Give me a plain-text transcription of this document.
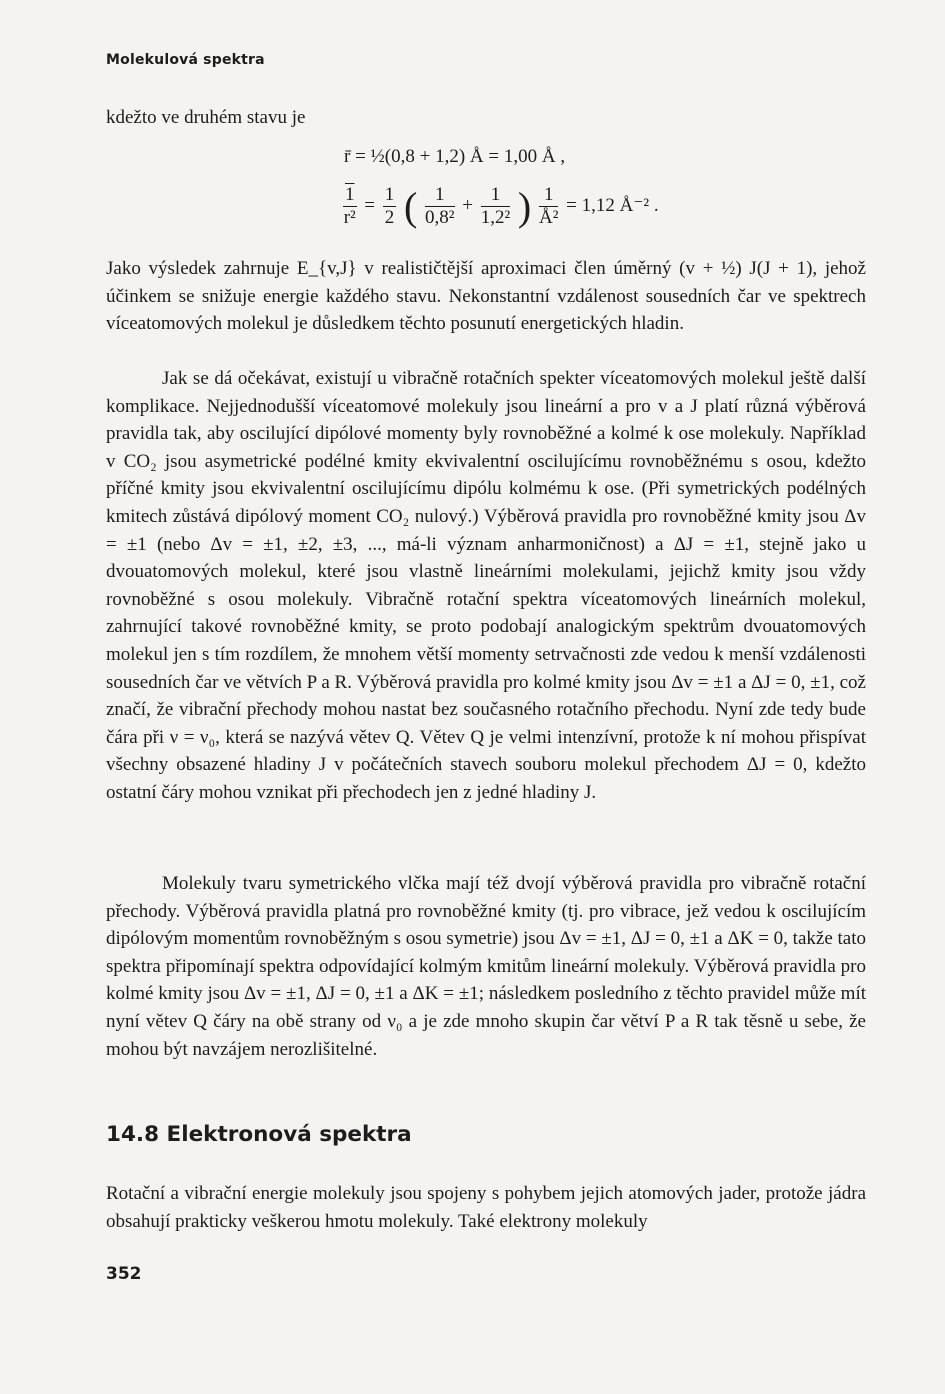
Molekulová spektra

kdežto ve druhém stavu je

r̄ = ½(0,8 + 1,2) Å = 1,00 Å ,
$\frac{1}{\text{r²}} = \frac{1}{2}$ ( $\frac{1}{\text{0,8²}} + \frac{1}{\text{1,2²}}$ ) $\frac{1}{\text{Å²}} = 1,12$ Å⁻² .

Jako výsledek zahrnuje E_{v,J} v realističtější aproximaci člen úměrný (v + ½) J(J + 1), jehož účinkem se snižuje energie každého stavu. Nekonstantní vzdálenost sousedních čar ve spektrech víceatomových molekul je důsledkem těchto posunutí energetických hladin.

Jak se dá očekávat, existují u vibračně rotačních spekter víceatomových molekul ještě další komplikace. Nejjednodušší víceatomové molekuly jsou lineární a pro v a J platí různá výběrová pravidla tak, aby oscilující dipólové momenty byly rovnoběžné a kolmé k ose molekuly. Například v CO₂ jsou asymetrické podélné kmity ekvivalentní oscilujícímu rovnoběžnému s osou, kdežto příčné kmity jsou ekvivalentní oscilujícímu dipólu kolmému k ose. (Při symetrických podélných kmitech zůstává dipólový moment CO₂ nulový.) Výběrová pravidla pro rovnoběžné kmity jsou Δv = ±1 (nebo Δv = ±1, ±2, ±3, ..., má-li význam anharmoničnost) a ΔJ = ±1, stejně jako u dvouatomových molekul, které jsou vlastně lineárními molekulami, jejichž kmity jsou vždy rovnoběžné s osou molekuly. Vibračně rotační spektra víceatomových lineárních molekul, zahrnující takové rovnoběžné kmity, se proto podobají analogickým spektrům dvouatomových molekul jen s tím rozdílem, že mnohem větší momenty setrvačnosti zde vedou k menší vzdálenosti sousedních čar ve větvích P a R. Výběrová pravidla pro kolmé kmity jsou Δv = ±1 a ΔJ = 0, ±1, což značí, že vibrační přechody mohou nastat bez současného rotačního přechodu. Nyní zde tedy bude čára při ν = ν₀, která se nazývá větev Q. Větev Q je velmi intenzívní, protože k ní mohou přispívat všechny obsazené hladiny J v počátečních stavech souboru molekul přechodem ΔJ = 0, kdežto ostatní čáry mohou vznikat při přechodech jen z jedné hladiny J.

Molekuly tvaru symetrického vlčka mají též dvojí výběrová pravidla pro vibračně rotační přechody. Výběrová pravidla platná pro rovnoběžné kmity (tj. pro vibrace, jež vedou k oscilujícím dipólovým momentům rovnoběžným s osou symetrie) jsou Δv = ±1, ΔJ = 0, ±1 a ΔK = 0, takže tato spektra připomínají spektra odpovídající kolmým kmitům lineární molekuly. Výběrová pravidla pro kolmé kmity jsou Δv = ±1, ΔJ = 0, ±1 a ΔK = ±1; následkem posledního z těchto pravidel může mít nyní větev Q čáry na obě strany od ν₀ a je zde mnoho skupin čar větví P a R tak těsně u sebe, že mohou být navzájem nerozlišitelné.

14.8 Elektronová spektra

Rotační a vibrační energie molekuly jsou spojeny s pohybem jejich atomových jader, protože jádra obsahují prakticky veškerou hmotu molekuly. Také elektrony molekuly

352
